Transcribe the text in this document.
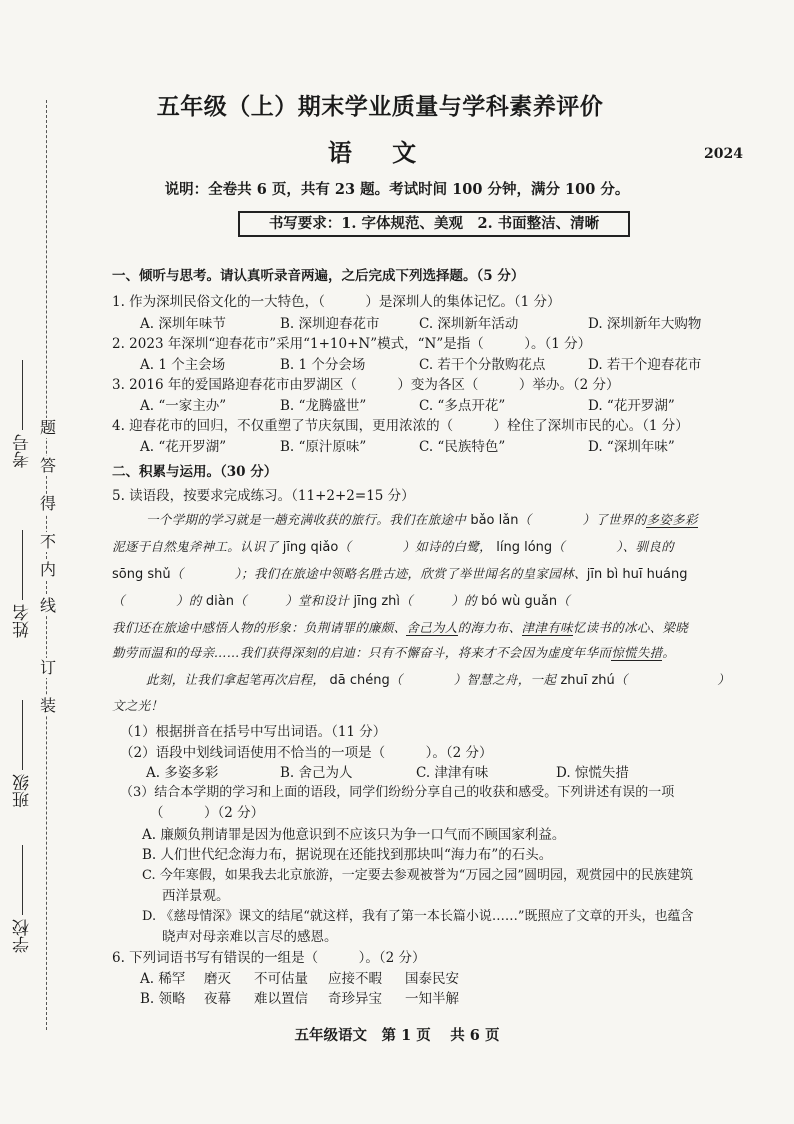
题
答
得
不
内
线
订
装
考号
姓名
班级
学校
五年级（上）期末学业质量与学科素养评价
语 文	2024
说明：全卷共 6 页，共有 23 题。考试时间 100 分钟，满分 100 分。
书写要求：1. 字体规范、美观　2. 书面整洁、清晰
一、倾听与思考。请认真听录音两遍，之后完成下列选择题。（5 分）
1. 作为深圳民俗文化的一大特色，（　　　）是深圳人的集体记忆。（1 分）
A. 深圳年味节	B. 深圳迎春花市	C. 深圳新年活动	D. 深圳新年大购物
2. 2023 年深圳“迎春花市”采用“1+10+N”模式，“N”是指（　　　）。（1 分）
A. 1 个主会场	B. 1 个分会场	C. 若干个分散购花点	D. 若干个迎春花市
3. 2016 年的爱国路迎春花市由罗湖区（　　　）变为各区（　　　）举办。（2 分）
A. “一家主办”	B. “龙腾盛世”	C. “多点开花”	D. “花开罗湖”
4. 迎春花市的回归，不仅重塑了节庆氛围，更用浓浓的（　　　）栓住了深圳市民的心。（1 分）
A. “花开罗湖”	B. “原汁原味”	C. “民族特色”	D. “深圳年味”
二、积累与运用。（30 分）
5. 读语段，按要求完成练习。（11+2+2=15 分）
一个学期的学习就是一趟充满收获的旅行。我们在旅途中 bǎo lǎn（　　　　）了世界的多姿多彩
泥逐于自然鬼斧神工。认识了 jīng qiǎo（　　　　）如诗的白鹭， líng lóng（　　　　）、驯良的
sōng shǔ（　　　　）；我们在旅途中领略名胜古迹，欣赏了举世闻名的皇家园林、jīn bì huī huáng
（　　　　）的 diàn（　　　）堂和设计 jīng zhì（　　　）的 bó wù guǎn（
我们还在旅途中感悟人物的形象：负荆请罪的廉颇、舍己为人的海力布、津津有味忆读书的冰心、梁晓
勤劳而温和的母亲……我们获得深刻的启迪：只有不懈奋斗，将来才不会因为虚度年华而惊慌失措。
此刻，让我们拿起笔再次启程， dā chéng（　　　　）智慧之舟，一起 zhuī zhú（　　　　　　　）
文之光！
（1）根据拼音在括号中写出词语。（11 分）
（2）语段中划线词语使用不恰当的一项是（　　　）。（2 分）
A. 多姿多彩	B. 舍己为人	C. 津津有味	D. 惊慌失措
（3）结合本学期的学习和上面的语段，同学们纷纷分享自己的收获和感受。下列讲述有误的一项
（　　　）（2 分）
A. 廉颇负荆请罪是因为他意识到不应该只为争一口气而不顾国家利益。
B. 人们世代纪念海力布，据说现在还能找到那块叫“海力布”的石头。
C. 今年寒假，如果我去北京旅游，一定要去参观被誉为“万园之园”圆明园，观赏园中的民族建筑
西洋景观。
D. 《慈母情深》课文的结尾“就这样，我有了第一本长篇小说……”既照应了文章的开头，也蕴含
晓声对母亲难以言尽的感恩。
6. 下列词语书写有错误的一组是（　　　）。（2 分）
A. 稀罕 磨灭 不可估量 应接不暇 国泰民安
B. 领略 夜幕 难以置信 奇珍异宝 一知半解
五年级语文　第 1 页　 共 6 页
